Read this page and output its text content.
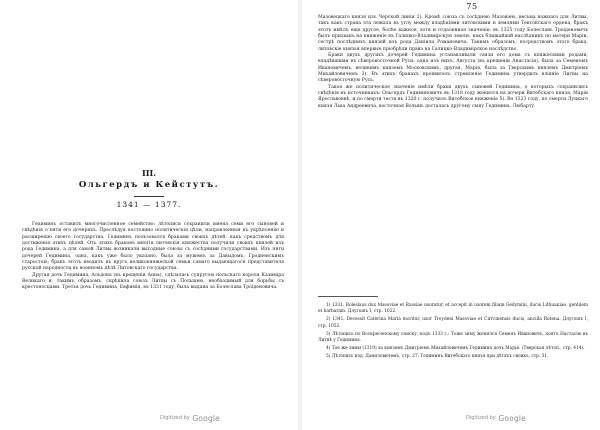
III.
Ольгердъ и Кейстутъ.
1341 — 1377.

Гедиминъ оставилъ многочисленное семейство: лѣтописи сохранили имена семи его сыновей и свѣдѣнія о пяти его дочеряхъ. Преслѣдуя постоянно политическія цѣли, направленныя къ укрѣпленію и расширенію своего государства, Гедиминъ пользовался браками своихъ дѣтей, какъ средствомъ для достиженія этихъ цѣлей. Отъ этихъ браковъ многія литовскія княжества получили своихъ князей изъ рода Гедимина, а для самой Литвы возникали выгодные союзы съ сосѣдними государствами. Изъ пяти дочерей Гедимина, одна, какъ уже было указано, была за мужемъ за Давыдомъ, Гродненскимъ старостою; бракъ этотъ вводилъ въ кругъ великокняжеской семьи самаго выдающагося представителя русской народности въ военномъ дѣлѣ Литовскаго государства.

Другая дочь Гедимина, Альдона (въ крещеніи Анна), сдѣлалась супругою польскаго короля Казиміра Великаго и, такимъ образомъ, скрѣпила союзъ Литвы съ Польшею, необходимый для борьбы съ крестоносцами. Третья дочь Гедимина, Евфимія, въ 1331 году, была выдана за Болеслава Троїденовича.

$^{Digitized by}$ Google
75

Мазовецкаго князя изъ Черской линіи 1). Кромѣ союза съ сосѣднею Мазовіею, весьма важнаго для Литвы, такъ какъ страна эта лежала въ углу между владѣніями литовскими и землями Тевтонскаго ордена, бракъ этотъ имѣлъ еще другое, болѣе важное, хотя и отдаленное значеніе: въ 1325 году Болеславъ Троіденовичъ былъ призванъ на княженіе въ Галицко-Владимірскую землю, какъ ближайшій наслѣдникъ по матери Маріи, сестрѣ послѣднихъ князей изъ рода Даніила Романовича. Такимъ образомъ, посредствомъ этого брака, литовскіе князья впервые пріобрѣли права на Галицко-Владимірское наслѣдство.

Браки двухъ другихъ дочерей Гедимина устанавливали связи его дома съ княжескими родами, владѣвшими въ сѣверовосточной Руси: одна изъ нихъ, Августа (въ крещеніи Анастасія), была за Семеномъ Ивановичемъ, великимъ княземъ Московскимъ, другая, Марія, была за Тверскимъ княземъ Дмитріемъ Михайловичемъ 3). Въ этихъ бракахъ проявилось стремленіе Гедимина утвердить вліяніе Литвы на сѣверовосточную Русь.

Такое же политическое значеніе имѣли браки двухъ сыновей Гедимина, о которыхъ сохранились свѣдѣнія въ источникахъ: Ольгердъ Гедиминовичъ въ 1318 году женился на дочери Витебскаго князя, Маріи Ярославовнѣ, и по смерти тестя въ 1320 г. получилъ Витебское княженіе 5). Во 1323 году, по смерти Луцкаго князя Льва Андреевича, восточная Волынь досталась другому сыну Гедимина, Любарту.

1) 1331. Boleslaus dux Masoviae et Russiae uxoratur, et accepit in uxorem filiam Gedymini, ducis Lithuaniae, gentilem et barbaram. Длугошъ I, стр. 1022.

2) 1341. Decessit Caterina Maria moritur, uxor Troydeni Masoviae et Cirrcinensis ducis, ancilla Rutena. Длугошъ I, стр. 1052.

3) Лѣтопись по Воскресенскому списку, подъ 1333 г.: Тоже зиму женился Семенъ Ивановичъ, поятъ Настасію въ Литвѣ у Гедимина.

4) Тое же зимы (1319) за княземъ Дмитріемъ Михайловичемъ Гедимина дочь Марія. (Тверская лѣтоп., стр. 414).

5) Лѣтопись изд. Даниловичемъ, стр. 27. Гедиминъ Витебскаго князя при дѣтяхъ своихъ, стр. 31.

$^{Digitized by}$ Google
